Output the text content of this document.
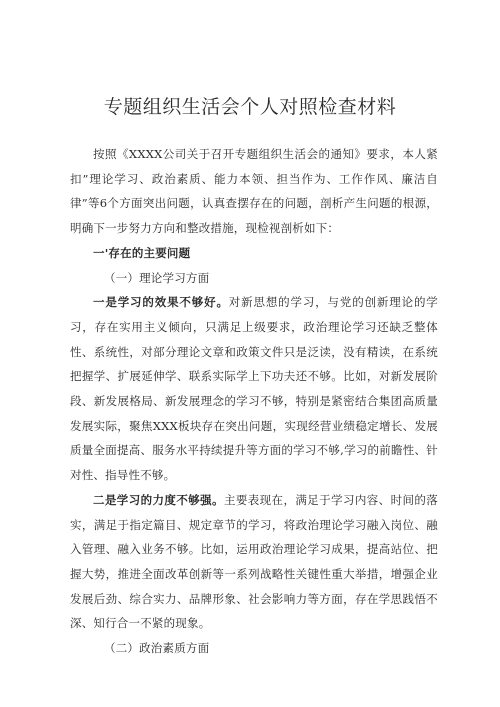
专题组织生活会个人对照检查材料

按照《XXXX公司关于召开专题组织生活会的通知》要求，本人紧扣”理论学习、政治素质、能力本领、担当作为、工作作风、廉洁自律”等6个方面突出问题，认真查摆存在的问题，剖析产生问题的根源，明确下一步努力方向和整改措施，现检视剖析如下：

一'存在的主要问题

（一）理论学习方面

一是学习的效果不够好。对新思想的学习，与党的创新理论的学习，存在实用主义倾向，只满足上级要求，政治理论学习还缺乏整体性、系统性，对部分理论文章和政策文件只是泛读，没有精读，在系统把握学、扩展延伸学、联系实际学上下功夫还不够。比如，对新发展阶段、新发展格局、新发展理念的学习不够，特别是紧密结合集团高质量发展实际，聚焦XXX板块存在突出问题，实现经营业绩稳定增长、发展质量全面提高、服务水平持续提升等方面的学习不够,学习的前瞻性、针对性、指导性不够。

二是学习的力度不够强。主要表现在，满足于学习内容、时间的落实，满足于指定篇目、规定章节的学习，将政治理论学习融入岗位、融入管理、融入业务不够。比如，运用政治理论学习成果，提高站位、把握大势，推进全面改革创新等一系列战略性关键性重大举措，增强企业发展后劲、综合实力、品牌形象、社会影响力等方面，存在学思践悟不深、知行合一不紧的现象。

（二）政治素质方面
